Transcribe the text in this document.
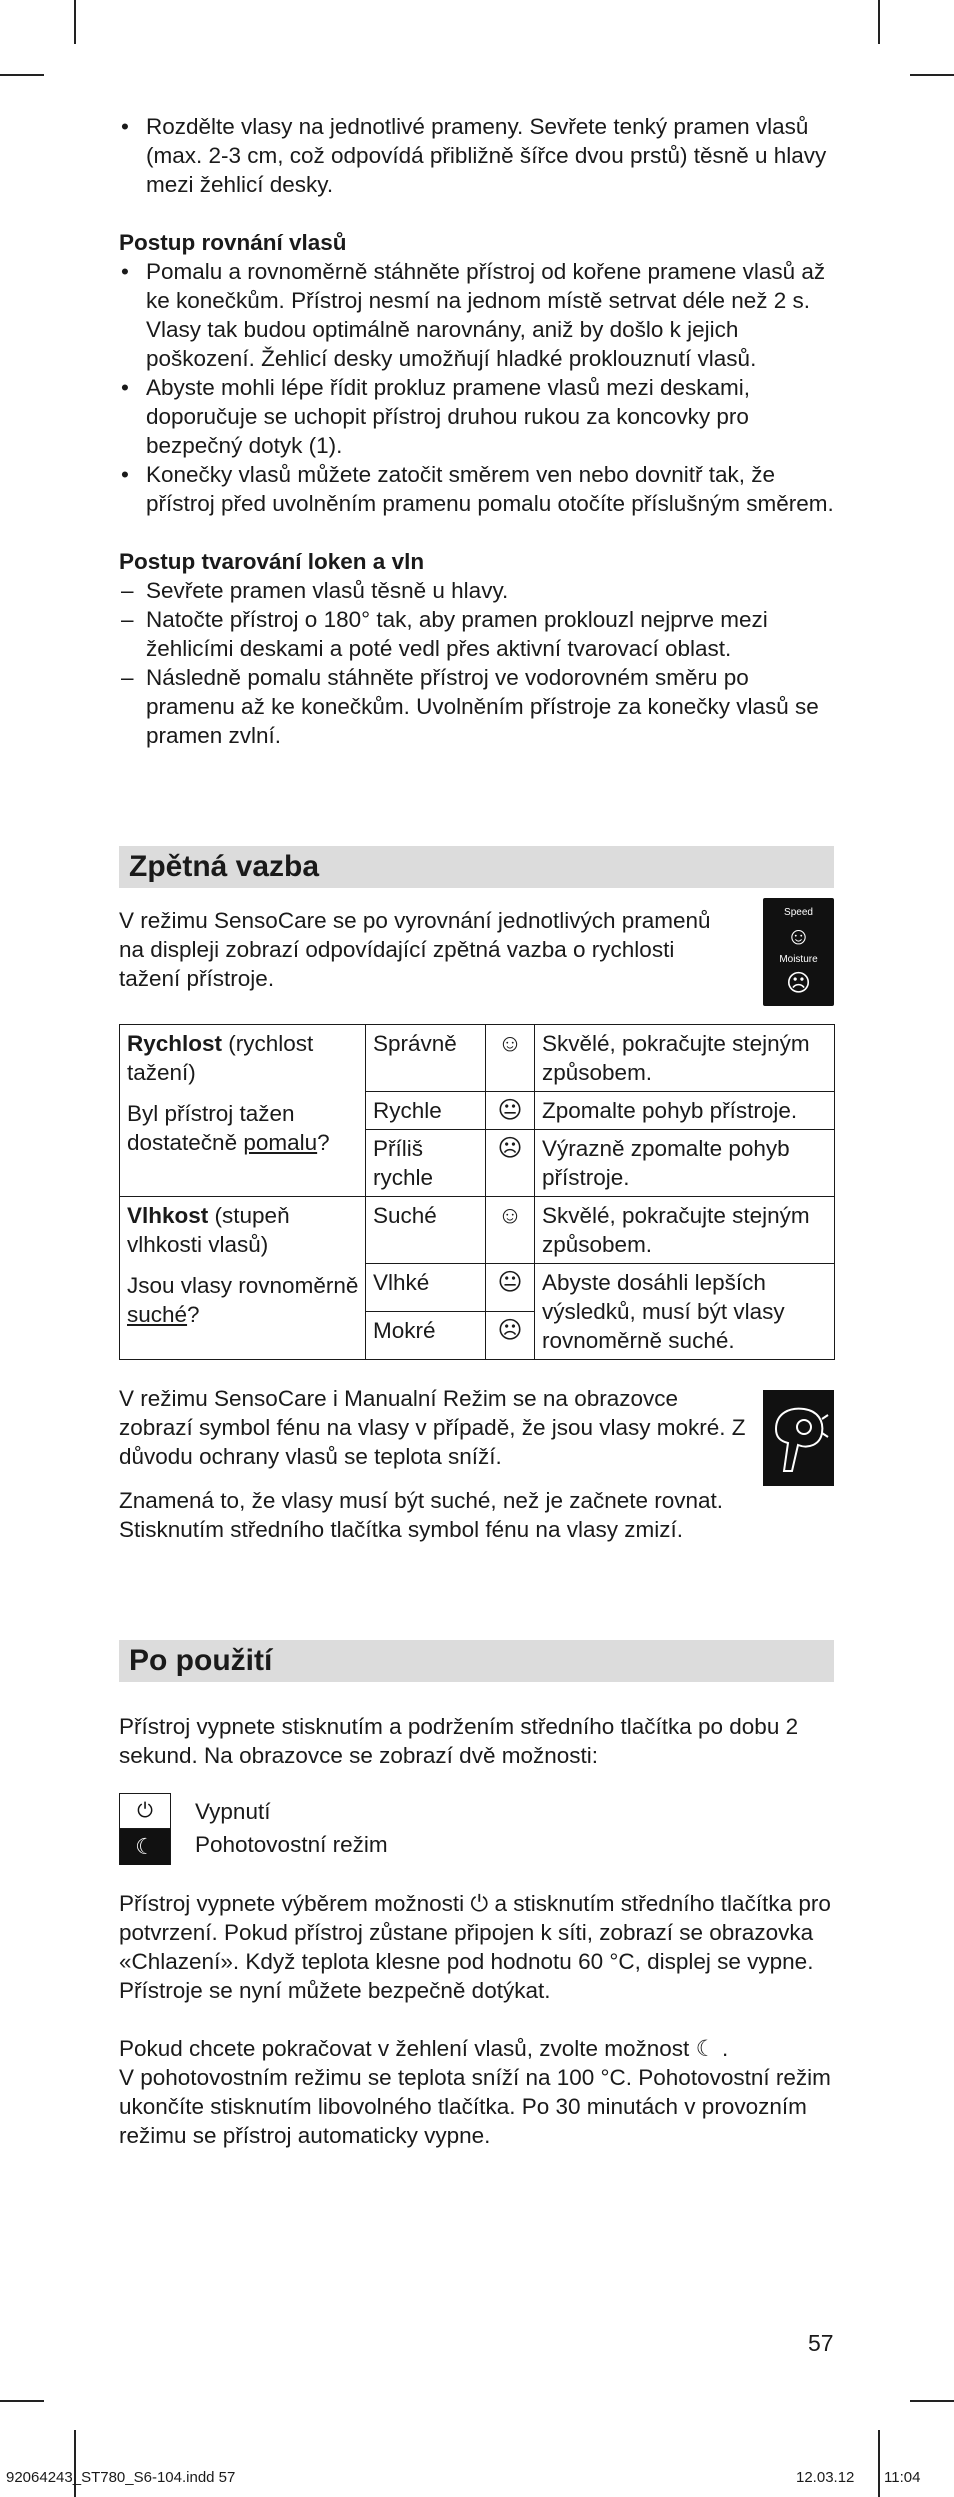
• Rozdělte vlasy na jednotlivé prameny. Sevřete tenký pramen vlasů (max. 2-3 cm, což odpovídá přibližně šířce dvou prstů) těsně u hlavy mezi žehlicí desky.

Postup rovnání vlasů

• Pomalu a rovnoměrně stáhněte přístroj od kořene pramene vlasů až ke konečkům. Přístroj nesmí na jednom místě setrvat déle než 2 s. Vlasy tak budou optimálně narovnány, aniž by došlo k jejich poškození. Žehlicí desky umožňují hladké proklouznutí vlasů.
• Abyste mohli lépe řídit prokluz pramene vlasů mezi deskami, doporučuje se uchopit přístroj druhou rukou za koncovky pro bezpečný dotyk (1).
• Konečky vlasů můžete zatočit směrem ven nebo dovnitř tak, že přístroj před uvolněním pramenu pomalu otočíte příslušným směrem.

Postup tvarování loken a vln

– Sevřete pramen vlasů těsně u hlavy.
– Natočte přístroj o 180° tak, aby pramen proklouzl nejprve mezi žehlicími deskami a poté vedl přes aktivní tvarovací oblast.
– Následně pomalu stáhněte přístroj ve vodorovném směru po pramenu až ke konečkům. Uvolněním přístroje za konečky vlasů se pramen zvlní.
Zpětná vazba

V režimu SensoCare se po vyrovnání jednotlivých pramenů na displeji zobrazí odpovídající zpětná vazba o rychlosti tažení přístroje.

Speed
☺
Moisture
☹
Rychlost (rychlost tažení)
Byl přístroj tažen dostatečně pomalu?	Správně	☺	Skvělé, pokračujte stejným způsobem.
	Rychle	😐	Zpomalte pohyb přístroje.
	Příliš rychle	☹	Výrazně zpomalte pohyb přístroje.
Vlhkost (stupeň vlhkosti vlasů)
Jsou vlasy rovnoměrně suché?	Suché	☺	Skvělé, pokračujte stejným způsobem.
	Vlhké	😐	Abyste dosáhli lepších výsledků, musí být vlasy rovnoměrně suché.
	Mokré	☹	

V režimu SensoCare i Manualní Režim se na obrazovce zobrazí symbol fénu na vlasy v případě, že jsou vlasy mokré. Z důvodu ochrany vlasů se teplota sníží.

Znamená to, že vlasy musí být suché, než je začnete rovnat. Stisknutím středního tlačítka symbol fénu na vlasy zmizí.

Po použití

Přístroj vypnete stisknutím a podržením středního tlačítka po dobu 2 sekund. Na obrazovce se zobrazí dvě možnosti:

⏻
☾

Vypnutí

Pohotovostní režim

Přístroj vypnete výběrem možnosti ⏻ a stisknutím středního tlačítka pro potvrzení. Pokud přístroj zůstane připojen k síti, zobrazí se obrazovka «Chlazení». Když teplota klesne pod hodnotu 60 °C, displej se vypne. Přístroje se nyní můžete bezpečně dotýkat.

Pokud chcete pokračovat v žehlení vlasů, zvolte možnost ☾ .

V pohotovostním režimu se teplota sníží na 100 °C. Pohotovostní režim ukončíte stisknutím libovolného tlačítka. Po 30 minutách v provozním režimu se přístroj automaticky vypne.

57
92064243_ST780_S6-104.indd 57	12.03.12 11:04
